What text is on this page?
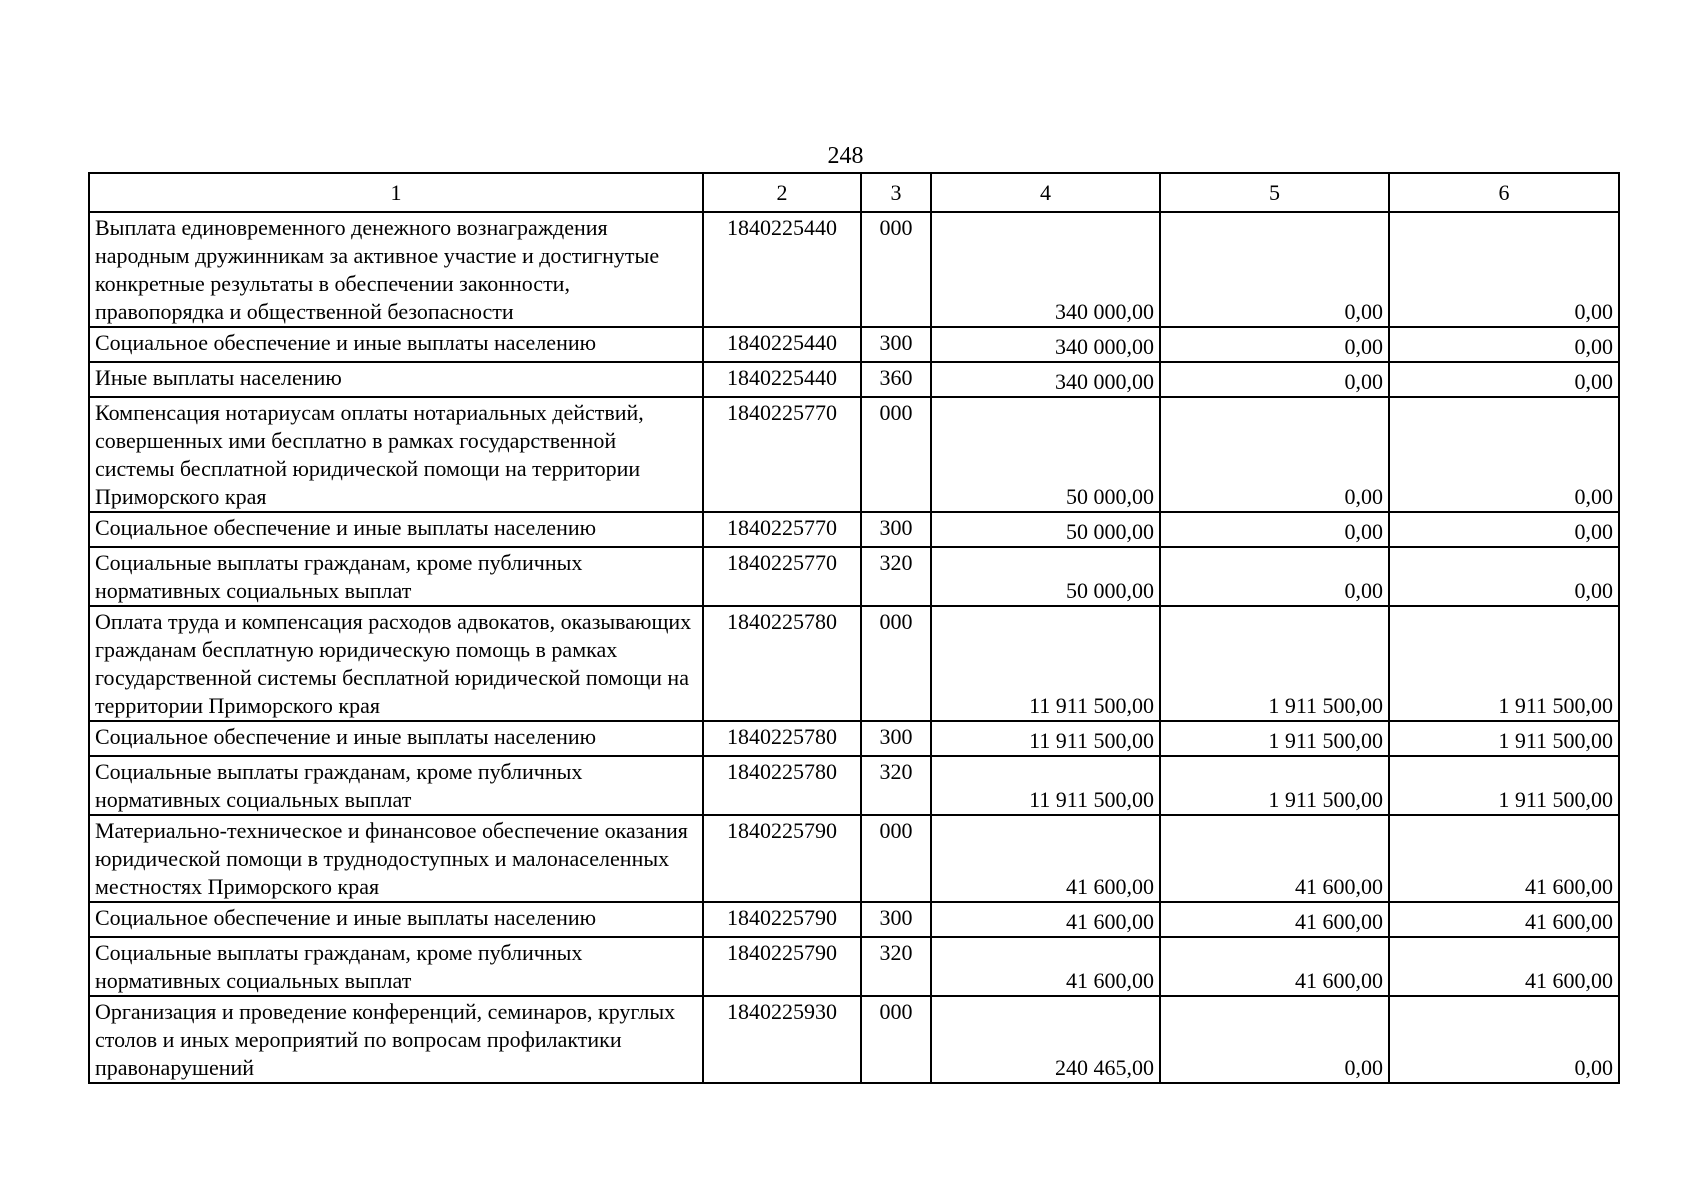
248
1	2	3	4	5	6
Выплата единовременного денежного вознаграждения народным дружинникам за активное участие и достигнутые конкретные результаты в обеспечении законности, правопорядка и общественной безопасности	1840225440	000	340 000,00	0,00	0,00
Социальное обеспечение и иные выплаты населению	1840225440	300	340 000,00	0,00	0,00
Иные выплаты населению	1840225440	360	340 000,00	0,00	0,00
Компенсация нотариусам оплаты нотариальных действий, совершенных ими бесплатно в рамках государственной системы бесплатной юридической помощи на территории Приморского края	1840225770	000	50 000,00	0,00	0,00
Социальное обеспечение и иные выплаты населению	1840225770	300	50 000,00	0,00	0,00
Социальные выплаты гражданам, кроме публичных нормативных социальных выплат	1840225770	320	50 000,00	0,00	0,00
Оплата труда и компенсация расходов адвокатов, оказывающих гражданам бесплатную юридическую помощь в рамках государственной системы бесплатной юридической помощи на территории Приморского края	1840225780	000	11 911 500,00	1 911 500,00	1 911 500,00
Социальное обеспечение и иные выплаты населению	1840225780	300	11 911 500,00	1 911 500,00	1 911 500,00
Социальные выплаты гражданам, кроме публичных нормативных социальных выплат	1840225780	320	11 911 500,00	1 911 500,00	1 911 500,00
Материально-техническое и финансовое обеспечение оказания юридической помощи в труднодоступных и малонаселенных местностях Приморского края	1840225790	000	41 600,00	41 600,00	41 600,00
Социальное обеспечение и иные выплаты населению	1840225790	300	41 600,00	41 600,00	41 600,00
Социальные выплаты гражданам, кроме публичных нормативных социальных выплат	1840225790	320	41 600,00	41 600,00	41 600,00
Организация и проведение конференций, семинаров, круглых столов и иных мероприятий по вопросам профилактики правонарушений	1840225930	000	240 465,00	0,00	0,00
